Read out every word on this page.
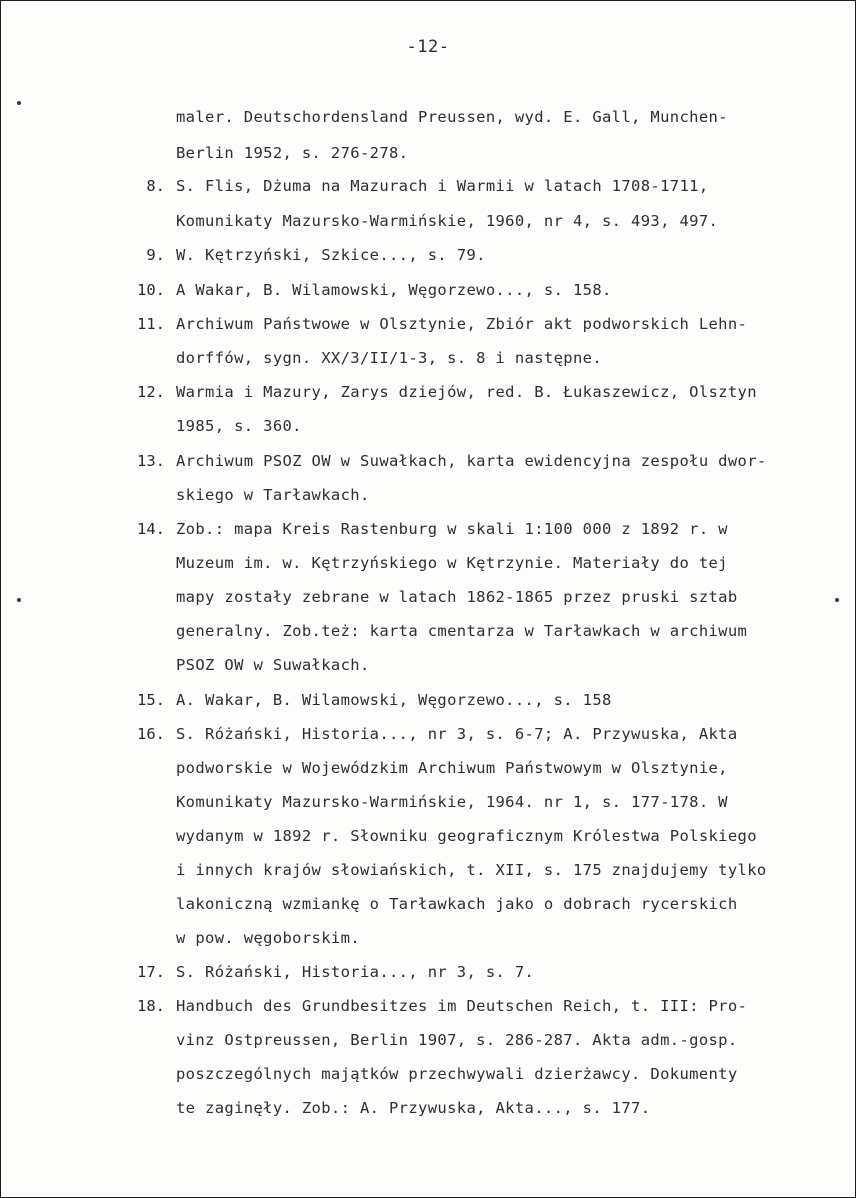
-12-
maler. Deutschordensland Preussen, wyd. E. Gall, Munchen-
Berlin 1952, s. 276-278.
8. S. Flis, Dżuma na Mazurach i Warmii w latach 1708-1711,
Komunikaty Mazursko-Warmińskie, 1960, nr 4, s. 493, 497.
9. W. Kętrzyński, Szkice..., s. 79.
10. A Wakar, B. Wilamowski, Węgorzewo..., s. 158.
11. Archiwum Państwowe w Olsztynie, Zbiór akt podworskich Lehn-
dorffów, sygn. XX/3/II/1-3, s. 8 i następne.
12. Warmia i Mazury, Zarys dziejów, red. B. Łukaszewicz, Olsztyn
1985, s. 360.
13. Archiwum PSOZ OW w Suwałkach, karta ewidencyjna zespołu dwor-
skiego w Tarławkach.
14. Zob.: mapa Kreis Rastenburg w skali 1:100 000 z 1892 r. w
Muzeum im. w. Kętrzyńskiego w Kętrzynie. Materiały do tej
mapy zostały zebrane w latach 1862-1865 przez pruski sztab
generalny. Zob.też: karta cmentarza w Tarławkach w archiwum
PSOZ OW w Suwałkach.
15. A. Wakar, B. Wilamowski, Węgorzewo..., s. 158
16. S. Różański, Historia..., nr 3, s. 6-7; A. Przywuska, Akta
podworskie w Wojewódzkim Archiwum Państwowym w Olsztynie,
Komunikaty Mazursko-Warmińskie, 1964. nr 1, s. 177-178. W
wydanym w 1892 r. Słowniku geograficznym Królestwa Polskiego
i innych krajów słowiańskich, t. XII, s. 175 znajdujemy tylko
lakoniczną wzmiankę o Tarławkach jako o dobrach rycerskich
w pow. węgoborskim.
17. S. Różański, Historia..., nr 3, s. 7.
18. Handbuch des Grundbesitzes im Deutschen Reich, t. III: Pro-
vinz Ostpreussen, Berlin 1907, s. 286-287. Akta adm.-gosp.
poszczególnych majątków przechwywali dzierżawcy. Dokumenty
te zaginęły. Zob.: A. Przywuska, Akta..., s. 177.
